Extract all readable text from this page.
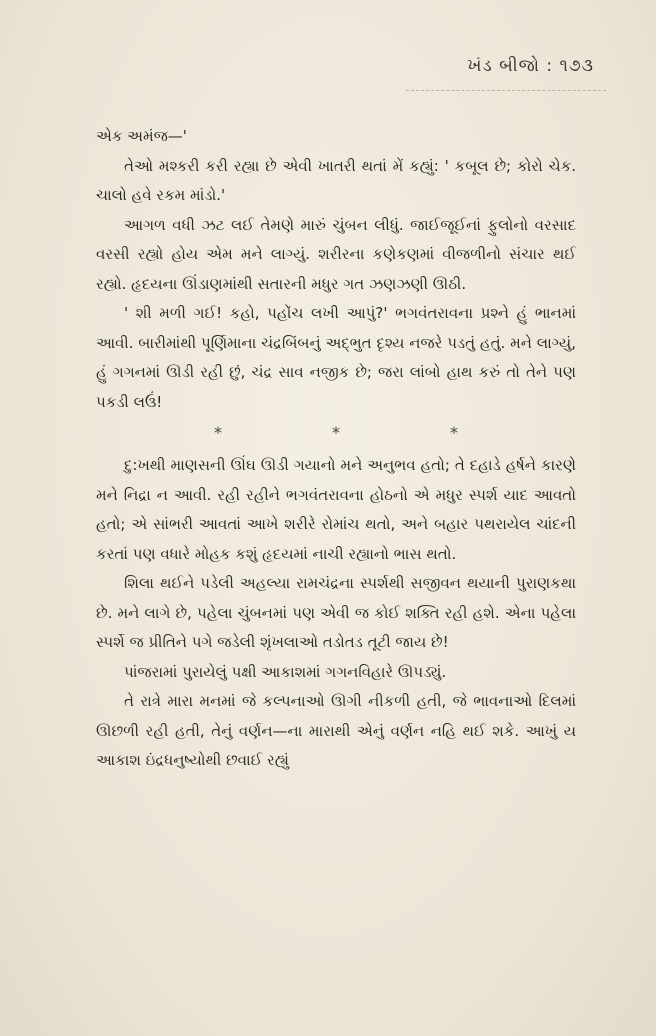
ખંડ બીજો : ૧૭૩

એક અમંજ—'

તેઓ મશ્કરી કરી રહ્યા છે એવી ખાતરી થતાં મેં કહ્યું: ' કબૂલ છે; કોરો ચેક. ચાલો હવે રકમ માંડો.'

આગળ વધી ઝટ લઈ તેમણે મારું ચુંબન લીધું. જાઈજૂઈનાં ફુલોનો વરસાદ વરસી રહ્યો હોય એમ મને લાગ્યું. શરીરના કણેકણમાં વીજળીનો સંચાર થઈ રહ્યો. હૃદયના ઊંડાણમાંથી સતારની મધુર ગત ઝણઝણી ઊઠી.

' શી મળી ગઈ! કહો, પહોંચ લખી આપું?' ભગવંતરાવના પ્રશ્ને હું ભાનમાં આવી. બારીમાંથી પૂર્ણિમાના ચંદ્રબિંબનું અદ્ભુત દૃશ્ય નજરે પડતું હતું. મને લાગ્યું, હું ગગનમાં ઊડી રહી છું, ચંદ્ર સાવ નજીક છે; જરા લાંબો હાથ કરું તો તેને પણ પકડી લઉં!

*	*	*

દુ:ખથી માણસની ઊંઘ ઊડી ગયાનો મને અનુભવ હતો; તે દહાડે હર્ષને કારણે મને નિદ્રા ન આવી. રહી રહીને ભગવંતરાવના હોઠનો એ મધુર સ્પર્શ યાદ આવતો હતો; એ સાંભરી આવતાં આખે શરીરે રોમાંચ થતો, અને બહાર પથરાયેલ ચાંદની કરતાં પણ વધારે મોહક કશું હૃદયમાં નાચી રહ્યાનો ભાસ થતો.

શિલા થઈને પડેલી અહલ્યા રામચંદ્રના સ્પર્શથી સજીવન થયાની પુરાણકથા છે. મને લાગે છે, પહેલા ચુંબનમાં પણ એવી જ કોઈ શક્તિ રહી હશે. એના પહેલા સ્પર્શે જ પ્રીતિને પગે જડેલી શૃંખલાઓ તડોતડ તૂટી જાય છે!

પાંજરામાં પુરાયેલું પક્ષી આકાશમાં ગગનવિહારે ઊપડ્યું.

તે રાત્રે મારા મનમાં જે કલ્પનાઓ ઊગી નીકળી હતી, જે ભાવનાઓ દિલમાં ઊછળી રહી હતી, તેનું વર્ણન—ના મારાથી એનું વર્ણન નહિ થઈ શકે. આખું ય આકાશ ઇંદ્રધનુષ્યોથી છવાઈ રહ્યું
